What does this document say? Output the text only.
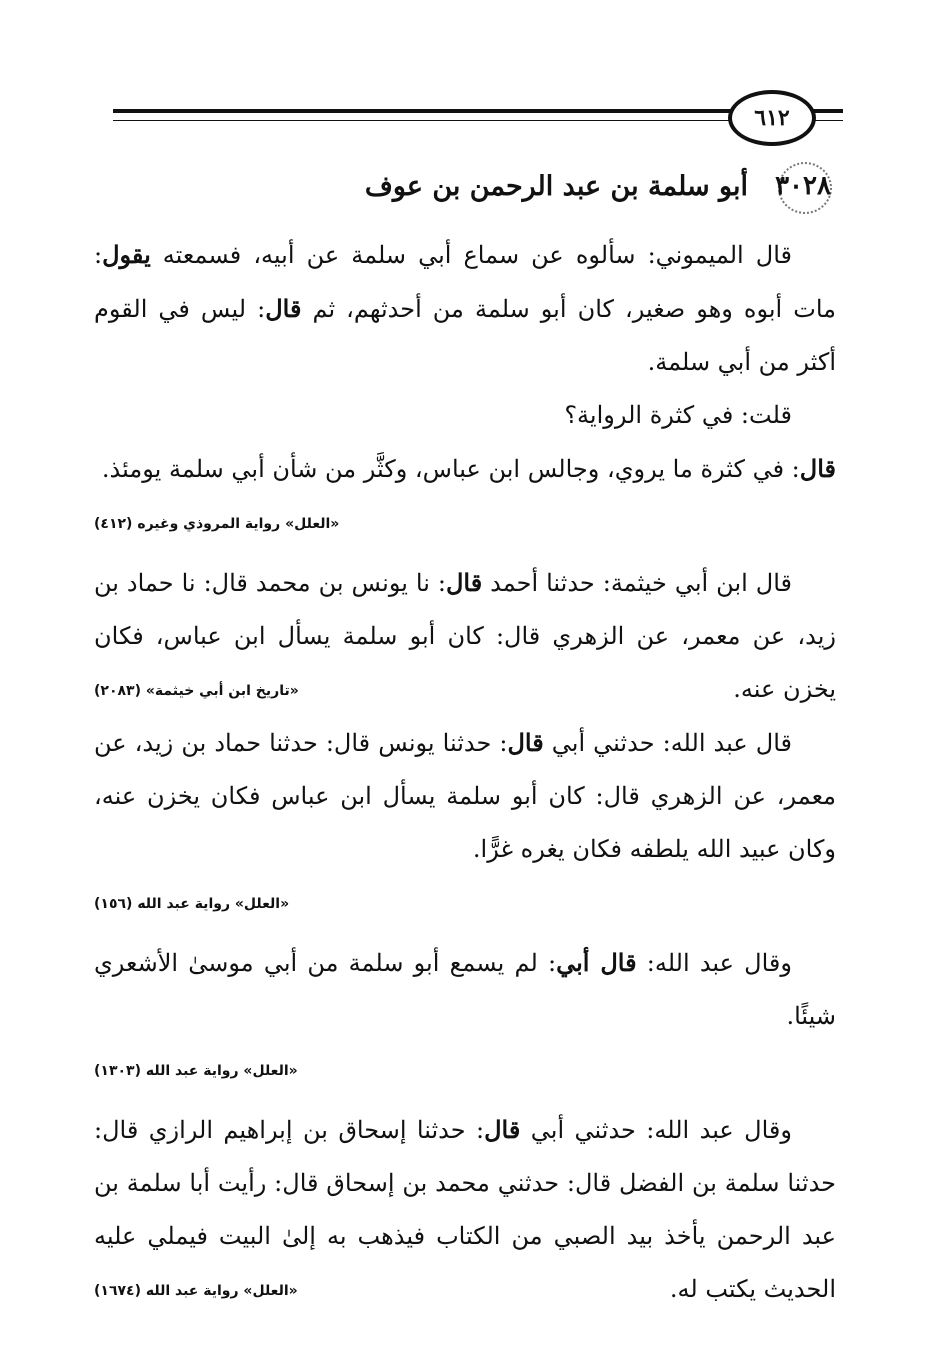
٦١٢
٣٠٢٨
أبو سلمة بن عبد الرحمن بن عوف

قال الميموني: سألوه عن سماع أبي سلمة عن أبيه، فسمعته يقول: مات أبوه وهو صغير، كان أبو سلمة من أحدثهم، ثم قال: ليس في القوم أكثر من أبي سلمة.

قلت: في كثرة الرواية؟

قال: في كثرة ما يروي، وجالس ابن عباس، وكثَّر من شأن أبي سلمة يومئذ.

«العلل» رواية المروذي وغيره (٤١٢)

قال ابن أبي خيثمة: حدثنا أحمد قال: نا يونس بن محمد قال: نا حماد بن زيد، عن معمر، عن الزهري قال: كان أبو سلمة يسأل ابن عباس، فكان يخزن عنه.
«تاريخ ابن أبي خيثمة» (٢٠٨٣)

قال عبد الله: حدثني أبي قال: حدثنا يونس قال: حدثنا حماد بن زيد، عن معمر، عن الزهري قال: كان أبو سلمة يسأل ابن عباس فكان يخزن عنه، وكان عبيد الله يلطفه فكان يغره غرًّا.

«العلل» رواية عبد الله (١٥٦)

وقال عبد الله: قال أبي: لم يسمع أبو سلمة من أبي موسىٰ الأشعري شيئًا.

«العلل» رواية عبد الله (١٣٠٣)

وقال عبد الله: حدثني أبي قال: حدثنا إسحاق بن إبراهيم الرازي قال: حدثنا سلمة بن الفضل قال: حدثني محمد بن إسحاق قال: رأيت أبا سلمة بن عبد الرحمن يأخذ بيد الصبي من الكتاب فيذهب به إلىٰ البيت فيملي عليه الحديث يكتب له.
«العلل» رواية عبد الله (١٦٧٤)
